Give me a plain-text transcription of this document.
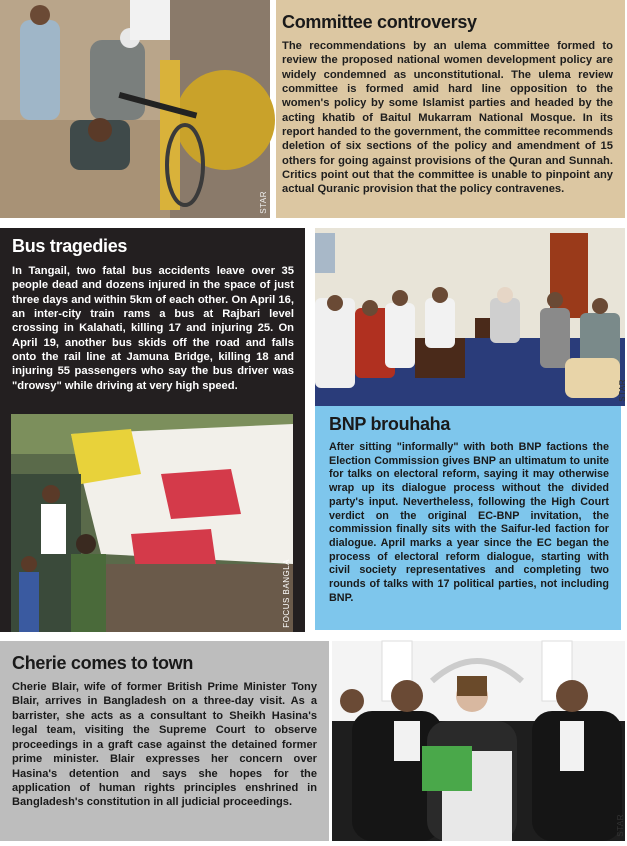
STAR
Committee controversy
The recommendations by an ulema committee formed to review the proposed national women development policy are widely condemned as unconstitutional. The ulema review committee is formed amid hard line opposition to the women's policy by some Islamist parties and headed by the acting khatib of Baitul Mukarram National Mosque. In its report handed to the government, the committee recommends deletion of six sections of the policy and amendment of 15 others for going against provisions of the Quran and Sunnah. Critics point out that the committee is unable to pinpoint any actual Quranic provision that the policy contravenes.
Bus tragedies
In Tangail, two fatal bus accidents leave over 35 people dead and dozens injured in the space of just three days and within 5km of each other. On April 16, an inter-city train rams a bus at Rajbari level crossing in Kalahati, killing 17 and injuring 25. On April 19, another bus skids off the road and falls onto the rail line at Jamuna Bridge, killing 18 and injuring 55 passengers who say the bus driver was "drowsy" while driving at very high speed.
FOCUS BANGLA
STAR
BNP brouhaha
After sitting "informally" with both BNP factions the Election Commission gives BNP an ultimatum to unite for talks on electoral reform, saying it may otherwise wrap up its dialogue process without the divided party's input. Nevertheless, following the High Court verdict on the original EC-BNP invitation, the commission finally sits with the Saifur-led faction for dialogue. April marks a year since the EC began the process of electoral reform dialogue, starting with civil society representatives and completing two rounds of talks with 17 political parties, not including BNP.
Cherie comes to town
Cherie Blair, wife of former British Prime Minister Tony Blair, arrives in Bangladesh on a three-day visit. As a barrister, she acts as a consultant to Sheikh Hasina's legal team, visiting the Supreme Court to observe proceedings in a graft case against the detained former prime minister. Blair expresses her concern over Hasina's detention and says she hopes for the application of human rights principles enshrined in Bangladesh's constitution in all judicial proceedings.
STAR
